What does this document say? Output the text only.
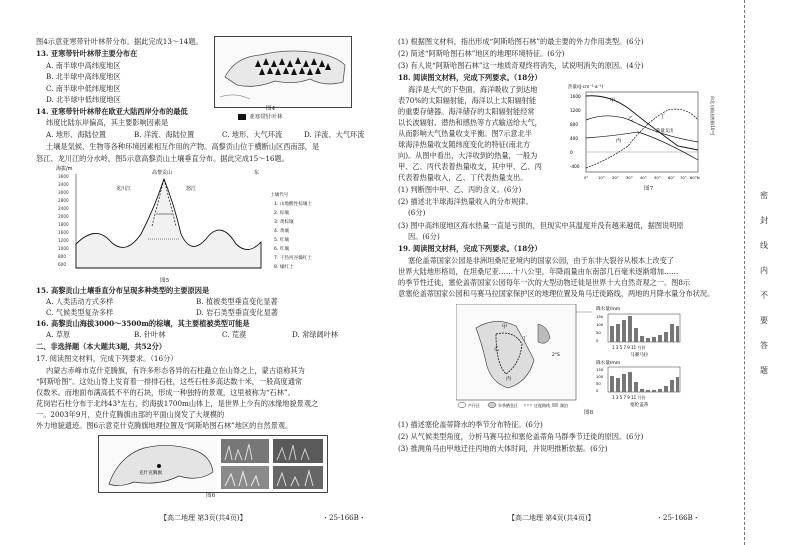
图4示意亚寒带针叶林带分布。据此完成13～14题。
13. 亚寒带针叶林带主要分布在
A. 南半球中高纬度地区
B. 北半球中高纬度地区
C. 南半球中低纬度地区
D. 北半球中低纬度地区
图4
亚寒带针叶林
14. 亚寒带针叶林带在欧亚大陆西岸分布的最低
纬度比陆东岸偏高，其主要影响因素是
A. 地形、海陆位置	B. 洋流、海陆位置	C. 地形、大气环流	D. 洋流、大气环流
土壤是気候、生物等各种环境因素相互作用的产物。高黎贡山位于横断山区西南部，是
怒江、龙川江的分水岭。图5示意高黎贡山土壤垂直分布。据此完成15～16题。
海拔/m
3600
3400
3000
2800
2400
2000
1800
1600
1200
1000
800
600
高黎贡山
龙川江	怒江
东
土壤代号
1. 山地酸性棕壤土
2. 棕壤
3. 黄棕壤
4. 黄壤
5. 红壤
6. 红壤
7. 干热河谷燥红土
8. 燥红土
图5
15. 高黎贡山土壤垂直分布呈现多种类型的主要原因是
A. 人类活动方式多样	B. 植被类型垂直变化显著
C. 气候类型复杂多样	D. 岩石类型垂直变化显著
16. 高黎贡山海拔3000～3500m的棕壤，其主要植被类型可能是
A. 草原	B. 针叶林	C. 荒漠	D. 常绿阔叶林
二、非选择题（本大题共3题，共52分）
17. 阅读图文材料，完成下列要求。（16分）
内蒙古赤峰市克什克腾旗，有许多形态各异的石柱矗立在山脊之上，蒙古语称其为
“阿斯哈图”。这处山脊上发育着一排排石柱，这些石柱多高达数十米，一般高度通常
仅数米。而地面布满高低不平的石块，形成一种独特的景观，这里被称为“石林”。
花岗岩石柱分布于北纬43°左右，约海拔1700m山体上，是世界上少有的冰缘地貌景观之
一。2003年9月，克什克腾旗由部的平面山岗发了大规模的
外力地貌遗迹。图6示意克什克腾旗地理位置及“阿斯哈图石林”地区的自然景观。
克什克腾旗
图6
【高二地理 第3页(共4页)】	・25-166B・
(1) 根据图文材料，指出形成“阿斯哈图石林”的最主要的外力作用类型。(6分)
(2) 简述“阿斯哈图石林”地区的地理环境特征。(6分)
(3) 有人说“阿斯哈图石林”这一地质奇观终将消失，试说明消失的原因。(4分)
18. 阅读图文材料，完成下列要求。（18分）
海洋是大气的下垫面，海洋吸收了到达地
表70%的太阳辐射能，海洋以上太阳辐射能
的重要存储器。海洋储存的太阳辐射能经常
以长波辐射、潜热和感热等方式输送给大气，
从而影响大气热量收支平衡。图7示意北半
球海洋热量收支随纬度变化的特征(南北方
向)。从图中看出，大洋收到的热量，一般为
甲、乙、丙代表着热量收支，其中甲、乙、丙
代表着热量收入，乙、丁代表热量支出。
(1) 判断图中甲、乙、丙的含义。(6分)
(2) 描述北半球海洋热量收入的分布规律。
(6分)
热量/(J·cm⁻²·a⁻¹)
1600
1200
800
400
0
-400
甲
乙
丙
丁
热量支出
0°	10° 20° 30° 40° 50° 60° 70° 80°N
向北方输送热量/10¹⁴J
图7
(3) 图中高纬度地区海水热量一直是亏损的，但现实中其温度并没有越来越低，据图说明原
因。(6分)
19. 阅读图文材料，完成下列要求。（18分）
塞伦盖蒂国家公园是非洲坦桑尼亚境内的国家公园，由于东非大裂谷从根本上改变了
世界大陆地形格局，在坦桑尼亚……十八公里，年降雨量由东南部几百毫米逐渐增加……
的季节性迁徙，塞伦盖蒂国家公园每年一次的大型动物迁徙是世界十大自然奇观之一。图8示
意塞伦盖蒂国家公园和马赛马拉国家保护区的地理位置及角马迁徙路线，两地的月降水量分布状况。
甲
乙
丙
丁
2°S
降水量/mm
150
100
50
0
1 3 5 7 9 11 月份
马赛马拉
降水量/mm
150
100
50
0
1 3 5 7 9 11 月份
塞伦盖蒂
产仔区	旱季栖息区	迁徙路线	湖泊
图8
(1) 描述塞伦盖蒂降水的季节分布特征。(6分)
(2) 从气候类型角度，分析马赛马拉和塞伦盖蒂角马群季节迁徙的原因。(6分)
(3) 推测角马由甲地迁往丙地的大体时间，并说明推断依据。(6分)
【高二地理 第4页(共4页)】	・25-166B・
密
封
线
内
不
要
答
题
